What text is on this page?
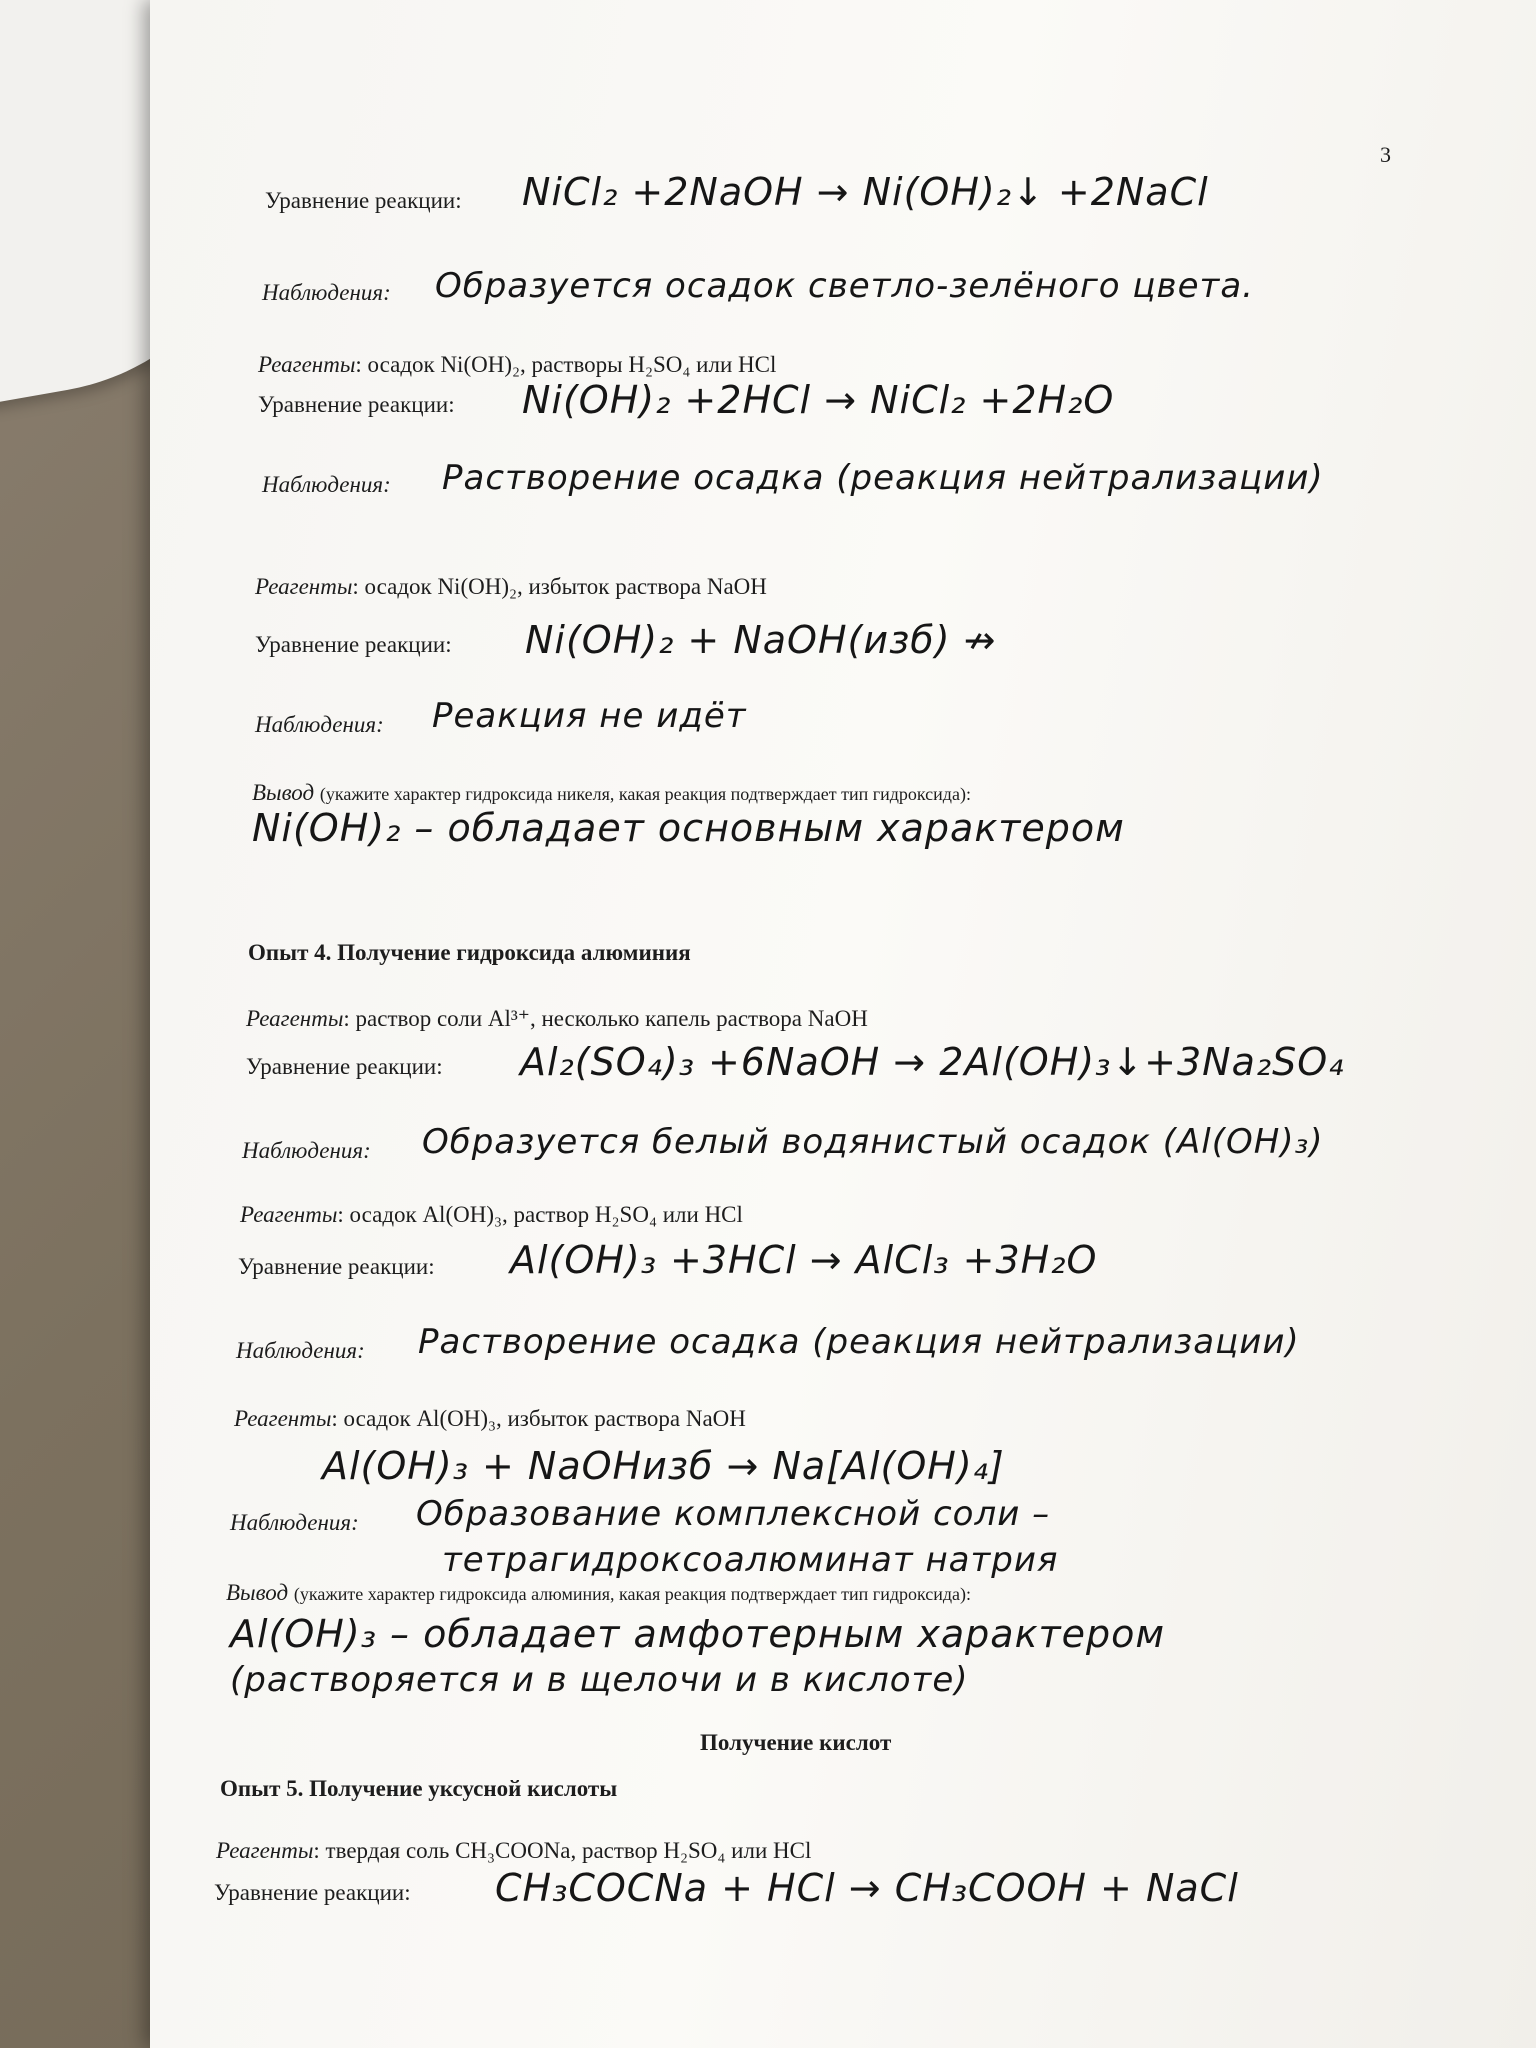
3
Уравнение реакции: NiCl₂ +2NaOH → Ni(OH)₂↓ +2NaCl
Наблюдения: Образуется осадок светло-зелёного цвета.
Реагенты: осадок Ni(OH)₂, растворы H₂SO₄ или HCl
Уравнение реакции: Ni(OH)₂ +2HCl → NiCl₂ +2H₂O
Наблюдения: Растворение осадка (реакция нейтрализации)
Реагенты: осадок Ni(OH)₂, избыток раствора NaOH
Уравнение реакции: Ni(OH)₂ + NaOH(изб) ↛
Наблюдения: Реакция не идёт
Вывод (укажите характер гидроксида никеля, какая реакция подтверждает тип гидроксида):
Ni(OH)₂ – обладает основным характером
Опыт 4. Получение гидроксида алюминия
Реагенты: раствор соли Al³⁺, несколько капель раствора NaOH
Уравнение реакции: Al₂(SO₄)₃ +6NaOH → 2Al(OH)₃↓+3Na₂SO₄
Наблюдения: Образуется белый водянистый осадок (Al(OH)₃)
Реагенты: осадок Al(OH)₃, раствор H₂SO₄ или HCl
Уравнение реакции: Al(OH)₃ +3HCl → AlCl₃ +3H₂O
Наблюдения: Растворение осадка (реакция нейтрализации)
Реагенты: осадок Al(OH)₃, избыток раствора NaOH
Al(OH)₃ + NaOHизб → Na[Al(OH)₄]
Наблюдения: Образование комплексной соли –
тетрагидроксоалюминат натрия
Вывод (укажите характер гидроксида алюминия, какая реакция подтверждает тип гидроксида):
Al(OH)₃ – обладает амфотерным характером
(растворяется и в щелочи и в кислоте)
Получение кислот
Опыт 5. Получение уксусной кислоты
Реагенты: твердая соль CH₃COONa, раствор H₂SO₄ или HCl
Уравнение реакции: CH₃COCNa + HCl → CH₃COOH + NaCl
